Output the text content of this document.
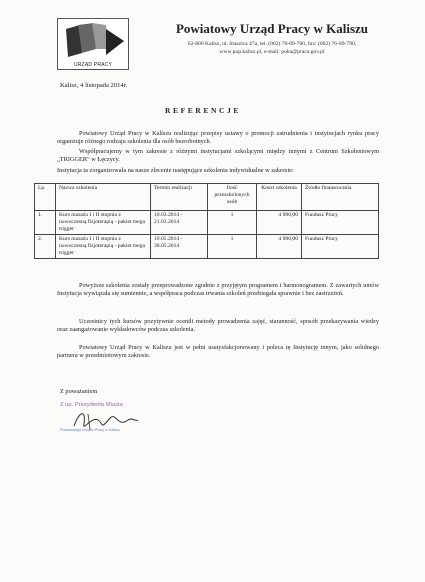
URZĄD PRACY
Powiatowy Urząd Pracy w Kaliszu
62-800 Kalisz, ul. Staszica 47a, tel. (062) 76-89-700, fax: (062) 76-89-790,
www.pup.kalisz.pl, e-mail: poka@praca.gov.pl
Kalisz, 4 listopada 2014r.
REFERENCJE
Powiatowy Urząd Pracy w Kaliszu realizując przepisy ustawy o promocji zatrudnienia i instytucjach rynku pracy organizuje różnego rodzaju szkolenia dla osób bezrobotnych.
Współpracujemy w tym zakresie z różnymi instytucjami szkolącymi między innymi z Centrum Szkoleniowym „TRIGGER" w Łęczycy.
Instytucja ta zorganizowała na nasze zlecenie następujące szkolenia indywidualne w zakresie:
Lp.	Nazwa szkolenia	Termin realizacji	Ilość przeszkolonych osób	Koszt szkolenia	Źródło finansowania
1.	Kurs masażu I i II stopnia z nowoczesną fizjoterapią - pakiet mega trigger	10.03.2014 - 21.03.2014	1	4 900,00	Fundusz Pracy
2.	Kurs masażu I i II stopnia z nowoczesną fizjoterapią - pakiet mega trigger	19.05.2014 - 30.05.2014	1	4 900,00	Fundusz Pracy
Powyższe szkolenia zostały przeprowadzone zgodnie z przyjętym programem i harmonogramem. Z zawartych umów Instytucja wywiązała się sumiennie, a współpraca podczas trwania szkoleń przebiegała sprawnie i bez zastrzeżeń.
Uczestnicy tych kursów pozytywnie ocenili metody prowadzenia zajęć, staranność, sposób przekazywania wiedzy oraz zaangażowanie wykładowców podczas szkolenia.
Powiatowy Urząd Pracy w Kaliszu jest w pełni usatysfakcjonowany i poleca tę Instytucję innym, jako solidnego partnera w przedmiotowym zakresie.
Z poważaniem
Z up. Prezydenta Miasta
Powiatowego Urzędu Pracy w Kaliszu
